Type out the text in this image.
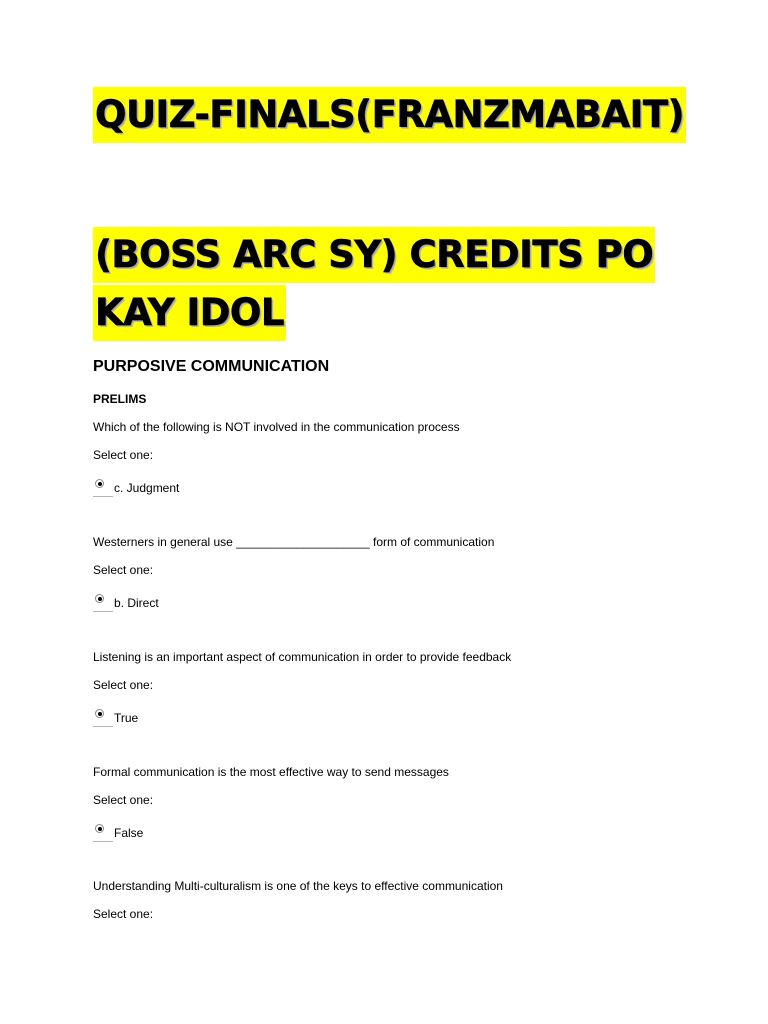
QUIZ-FINALS(FRANZMABAIT)
(BOSS ARC SY) CREDITS PO
KAY IDOL
PURPOSIVE COMMUNICATION
PRELIMS
Which of the following is NOT involved in the communication process
Select one:
c. Judgment
Westerners in general use ____________________ form of communication
Select one:
b. Direct
Listening is an important aspect of communication in order to provide feedback
Select one:
True
Formal communication is the most effective way to send messages
Select one:
False
Understanding Multi-culturalism is one of the keys to effective communication
Select one:
